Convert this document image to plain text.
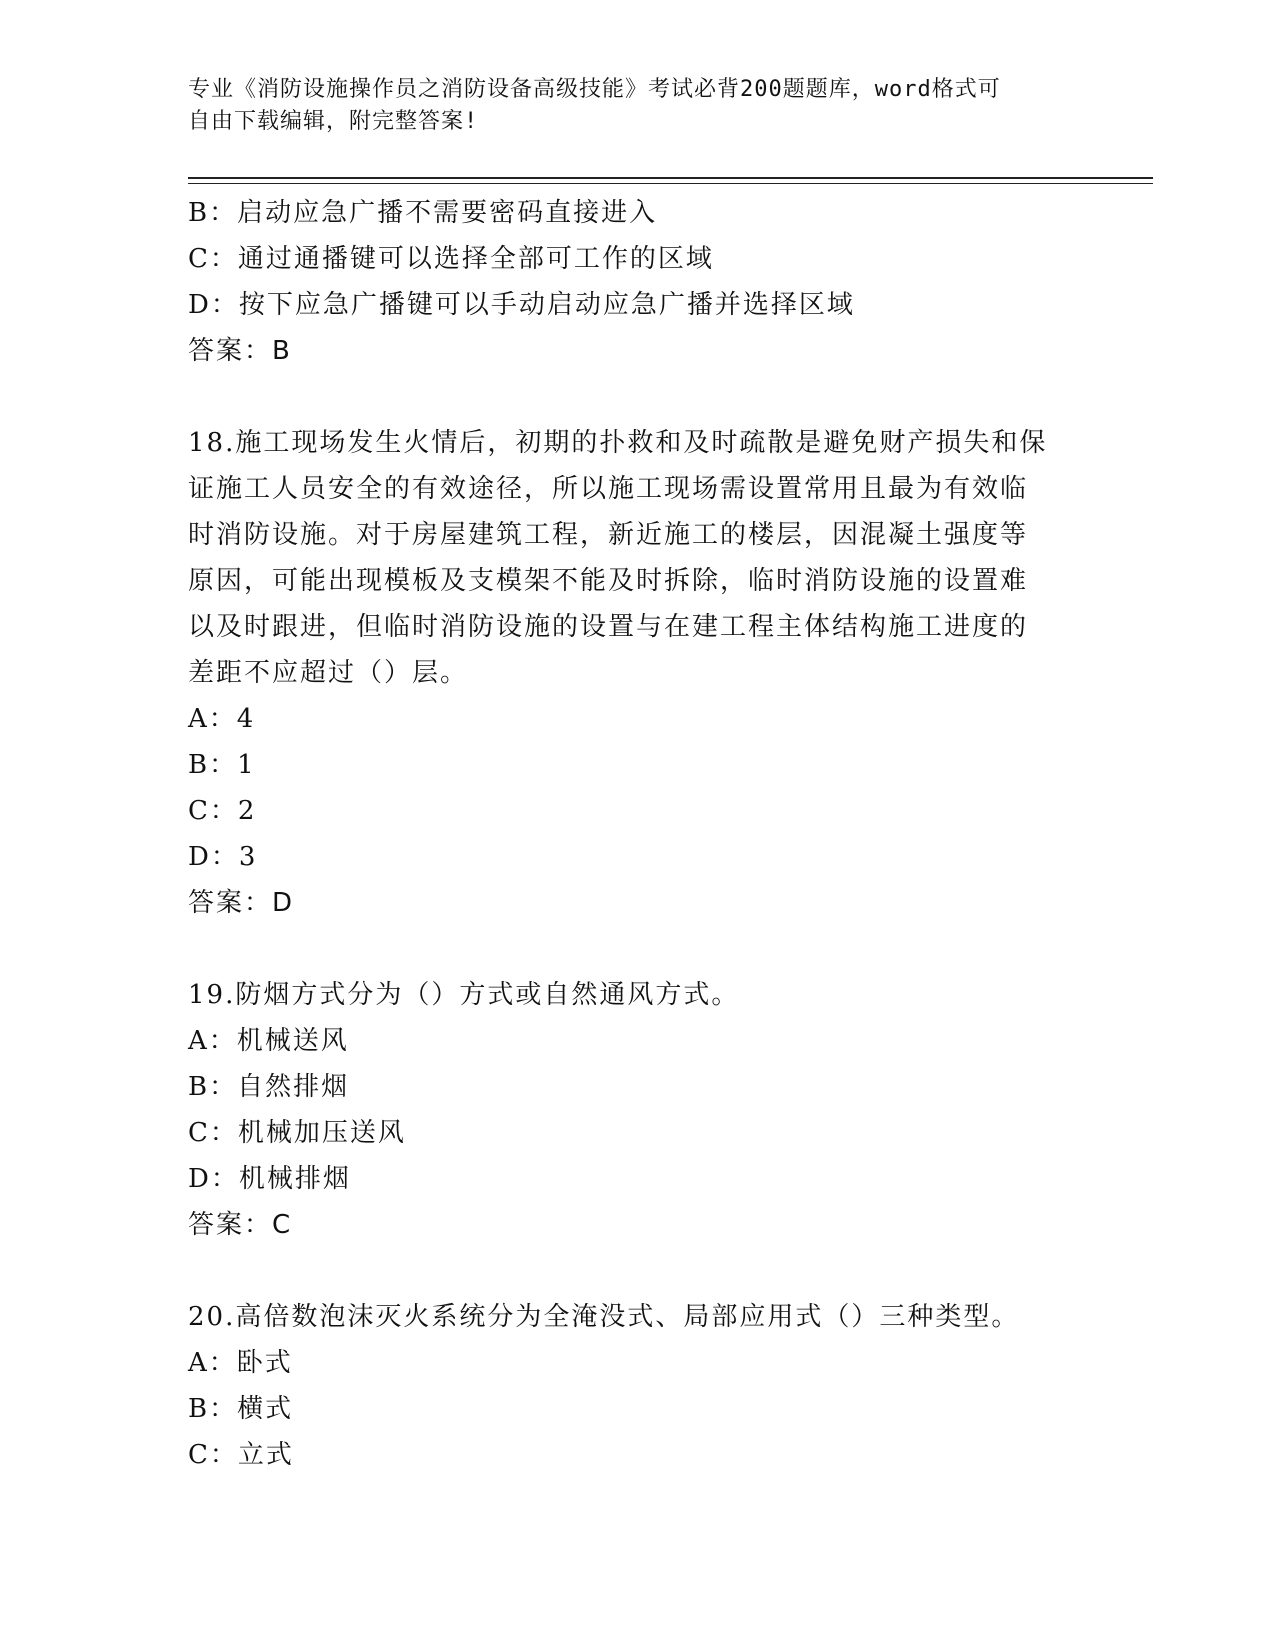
专业《消防设施操作员之消防设备高级技能》考试必背200题题库，word格式可
自由下载编辑，附完整答案!
B：启动应急广播不需要密码直接进入
C：通过通播键可以选择全部可工作的区域
D：按下应急广播键可以手动启动应急广播并选择区域
答案：B
18.施工现场发生火情后，初期的扑救和及时疏散是避免财产损失和保
证施工人员安全的有效途径，所以施工现场需设置常用且最为有效临
时消防设施。对于房屋建筑工程，新近施工的楼层，因混凝土强度等
原因，可能出现模板及支模架不能及时拆除，临时消防设施的设置难
以及时跟进，但临时消防设施的设置与在建工程主体结构施工进度的
差距不应超过（）层。
A：4
B：1
C：2
D：3
答案：D
19.防烟方式分为（）方式或自然通风方式。
A：机械送风
B：自然排烟
C：机械加压送风
D：机械排烟
答案：C
20.高倍数泡沫灭火系统分为全淹没式、局部应用式（）三种类型。
A：卧式
B：横式
C：立式
